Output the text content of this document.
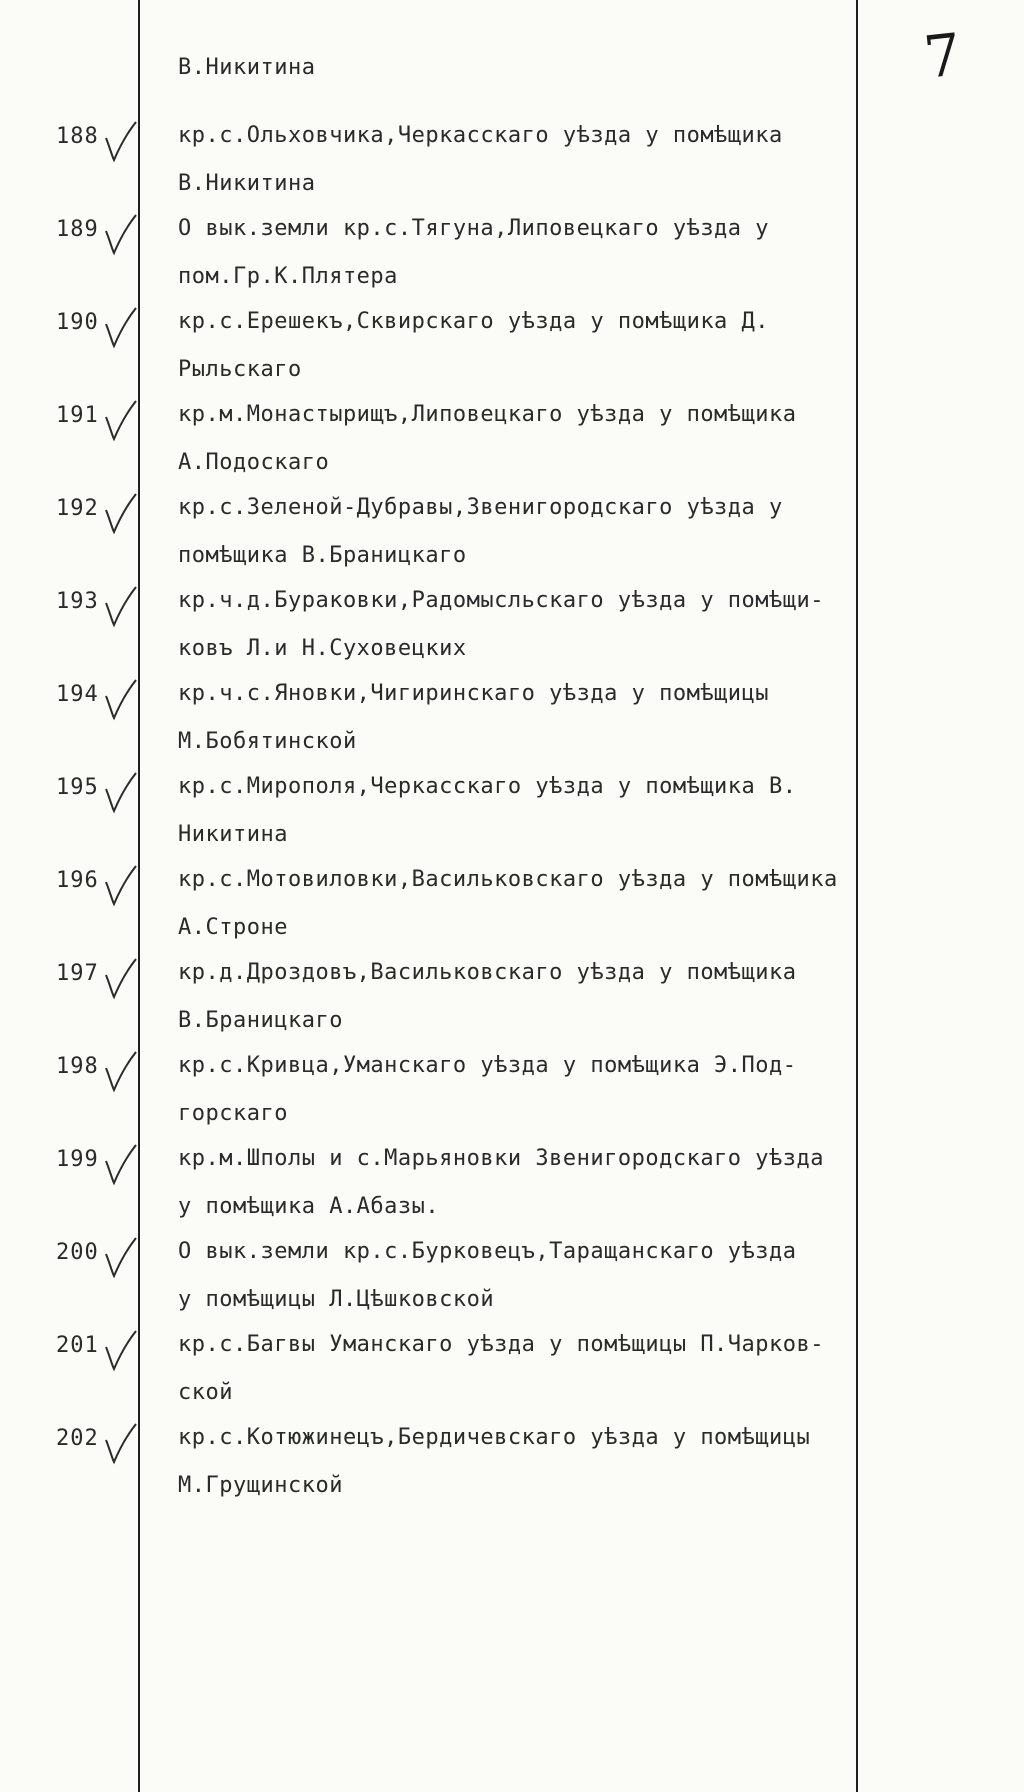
7
В.Никитина
188	кр.с.Ольховчика,Черкасскаго уѣзда у помѣщика
В.Никитина
189	О вык.земли кр.с.Тягуна,Липовецкаго уѣзда у
пом.Гр.К.Плятера
190	кр.с.Ерешекъ,Сквирскаго уѣзда у помѣщика Д.
Рыльскаго
191	кр.м.Монастырищъ,Липовецкаго уѣзда у помѣщика
А.Подоскаго
192	кр.с.Зеленой-Дубравы,Звенигородскаго уѣзда у
помѣщика В.Браницкаго
193	кр.ч.д.Бураковки,Радомысльскаго уѣзда у помѣщи-
ковъ Л.и Н.Суховецких
194	кр.ч.с.Яновки,Чигиринскаго уѣзда у помѣщицы
М.Бобятинской
195	кр.с.Мирополя,Черкасскаго уѣзда у помѣщика В.
Никитина
196	кр.с.Мотовиловки,Васильковскаго уѣзда у помѣщика
А.Строне
197	кр.д.Дроздовъ,Васильковскаго уѣзда у помѣщика
В.Браницкаго
198	кр.с.Кривца,Уманскаго уѣзда у помѣщика Э.Под-
горскаго
199	кр.м.Шполы и с.Марьяновки Звенигородскаго уѣзда
у помѣщика А.Абазы.
200	О вык.земли кр.с.Бурковецъ,Таращанскаго уѣзда
у помѣщицы Л.Цѣшковской
201	кр.с.Багвы Уманскаго уѣзда у помѣщицы П.Чарков-
ской
202	кр.с.Котюжинецъ,Бердичевскаго уѣзда у помѣщицы
М.Грущинской
